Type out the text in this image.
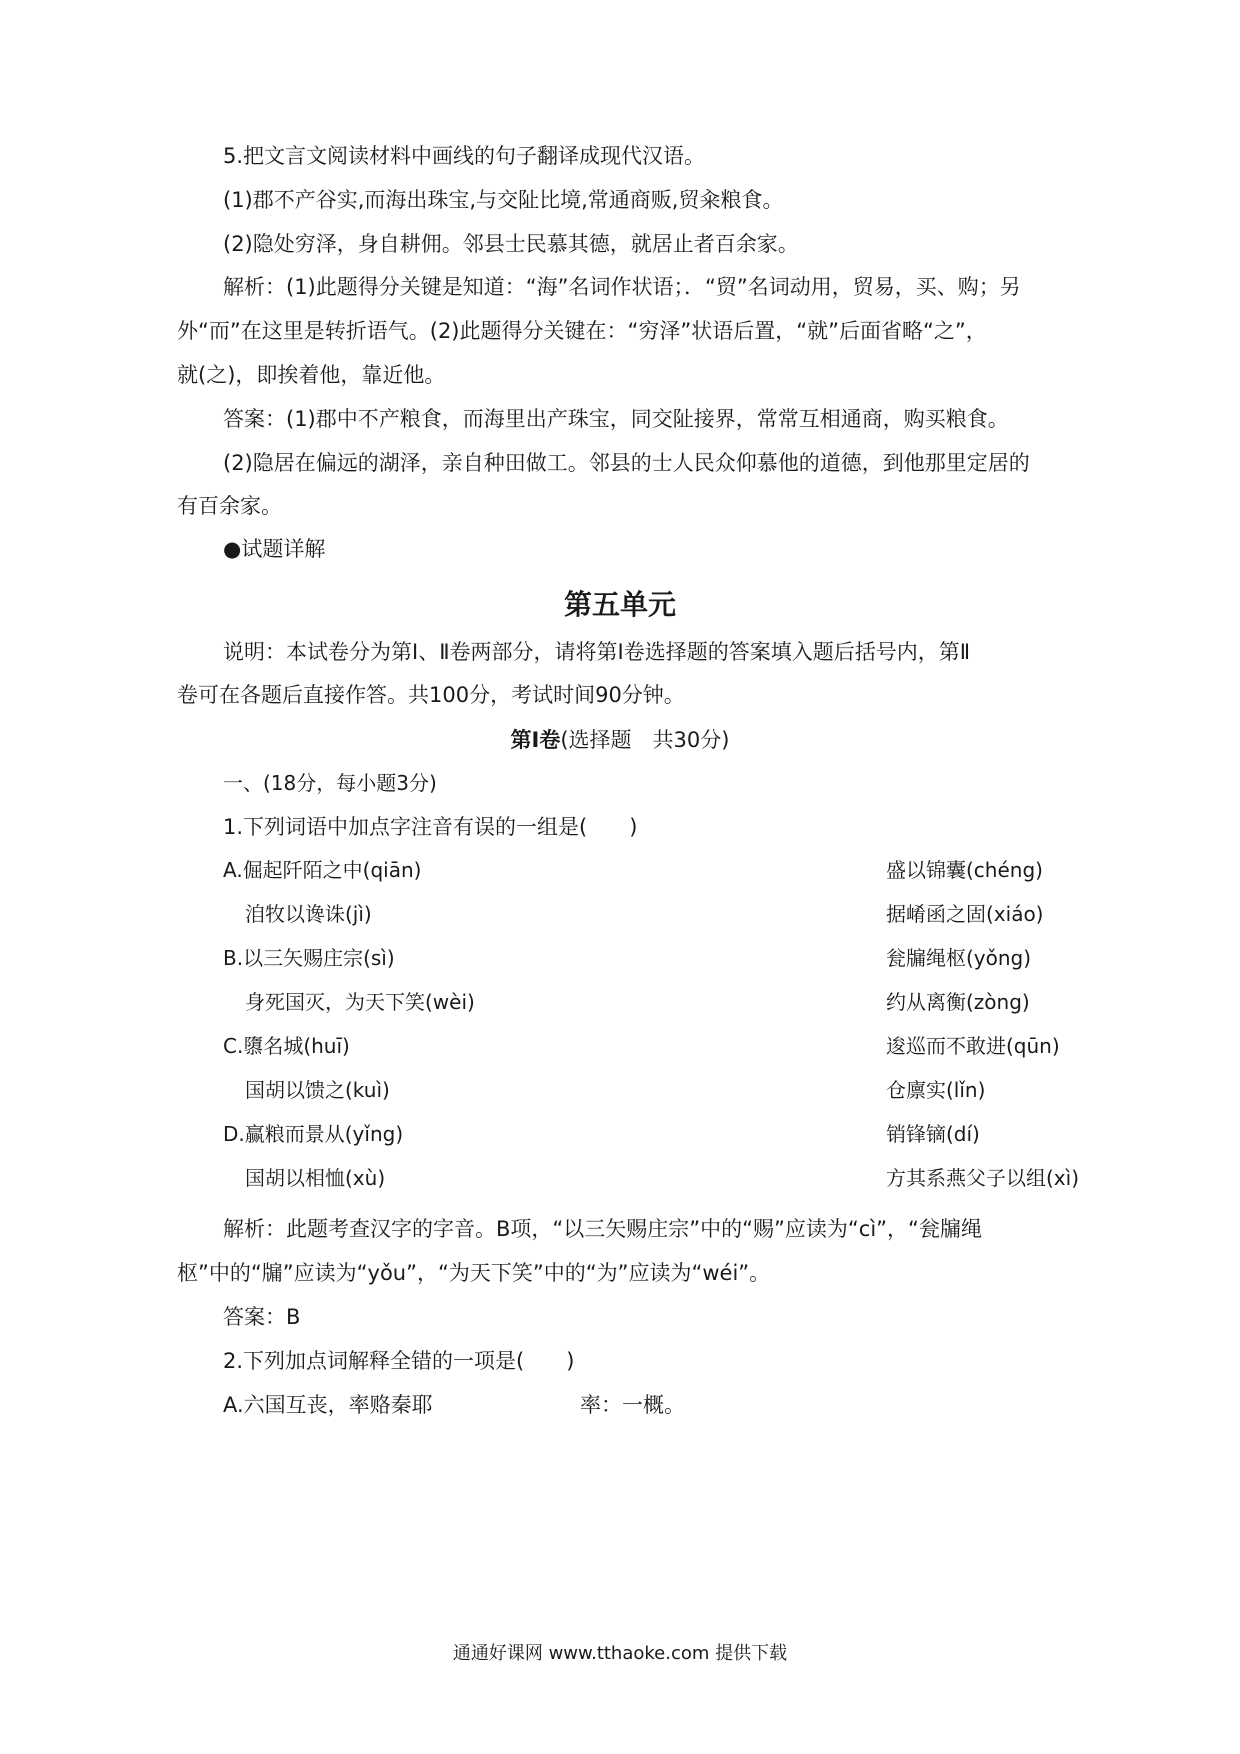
5.把文言文阅读材料中画线的句子翻译成现代汉语。
(1)郡不产谷实,而海出珠宝,与交阯比境,常通商贩,贸籴粮食。
(2)隐处穷泽，身自耕佣。邻县士民慕其德，就居止者百余家。
解析：(1)此题得分关键是知道：“海”名词作状语；．“贸”名词动用，贸易，买、购；另
外“而”在这里是转折语气。(2)此题得分关键在：“穷泽”状语后置，“就”后面省略“之”，
就(之)，即挨着他，靠近他。
答案：(1)郡中不产粮食，而海里出产珠宝，同交阯接界，常常互相通商，购买粮食。
(2)隐居在偏远的湖泽，亲自种田做工。邻县的士人民众仰慕他的道德，到他那里定居的
有百余家。
●试题详解
第五单元
说明：本试卷分为第Ⅰ、Ⅱ卷两部分，请将第Ⅰ卷选择题的答案填入题后括号内，第Ⅱ
卷可在各题后直接作答。共100分，考试时间90分钟。
第Ⅰ卷(选择题　共30分)
一、(18分，每小题3分)
1.下列词语中加点字注音有误的一组是(　　)
A.倔起阡陌之中(qiān)	盛以锦囊(chéng)
洎牧以谗诛(jì)	据崤函之固(xiáo)
B.以三矢赐庄宗(sì)	瓮牖绳枢(yǒng)
身死国灭，为天下笑(wèi)	约从离衡(zòng)
C.隳名城(huī)	逡巡而不敢进(qūn)
国胡以馈之(kuì)	仓廪实(lǐn)
D.赢粮而景从(yǐng)	销锋镝(dí)
国胡以相恤(xù)	方其系燕父子以组(xì)
解析：此题考查汉字的字音。B项，“以三矢赐庄宗”中的“赐”应读为“cì”，“瓮牖绳
枢”中的“牖”应读为“yǒu”，“为天下笑”中的“为”应读为“wéi”。
答案：B
2.下列加点词解释全错的一项是(　　)
A.六国互丧，率赂秦耶	率：一概。
通通好课网 www.tthaoke.com 提供下载
